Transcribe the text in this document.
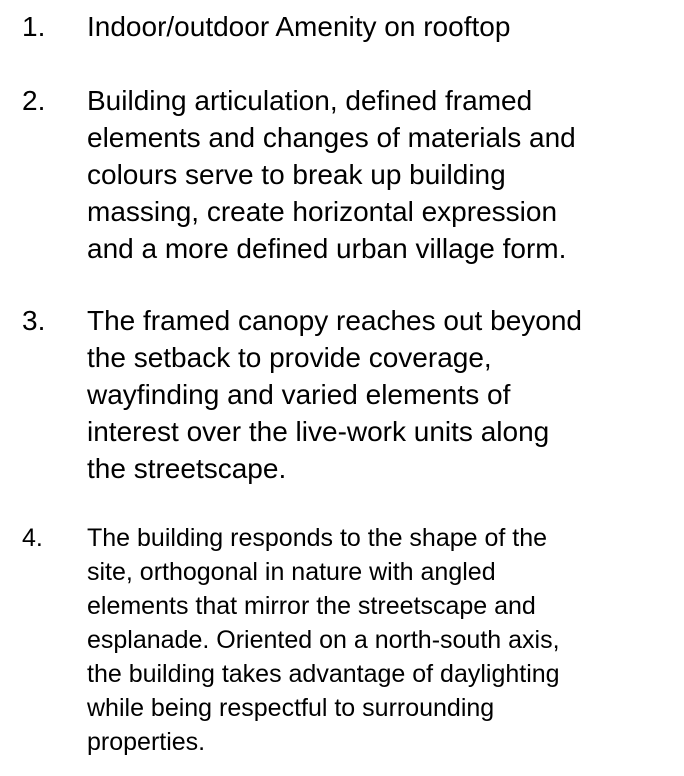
1. Indoor/outdoor Amenity on rooftop
2. Building articulation, defined framed
elements and changes of materials and
colours serve to break up building
massing, create horizontal expression
and a more defined urban village form.
3. The framed canopy reaches out beyond
the setback to provide coverage,
wayfinding and varied elements of
interest over the live-work units along
the streetscape.
4. The building responds to the shape of the
site, orthogonal in nature with angled
elements that mirror the streetscape and
esplanade. Oriented on a north-south axis,
the building takes advantage of daylighting
while being respectful to surrounding
properties.
